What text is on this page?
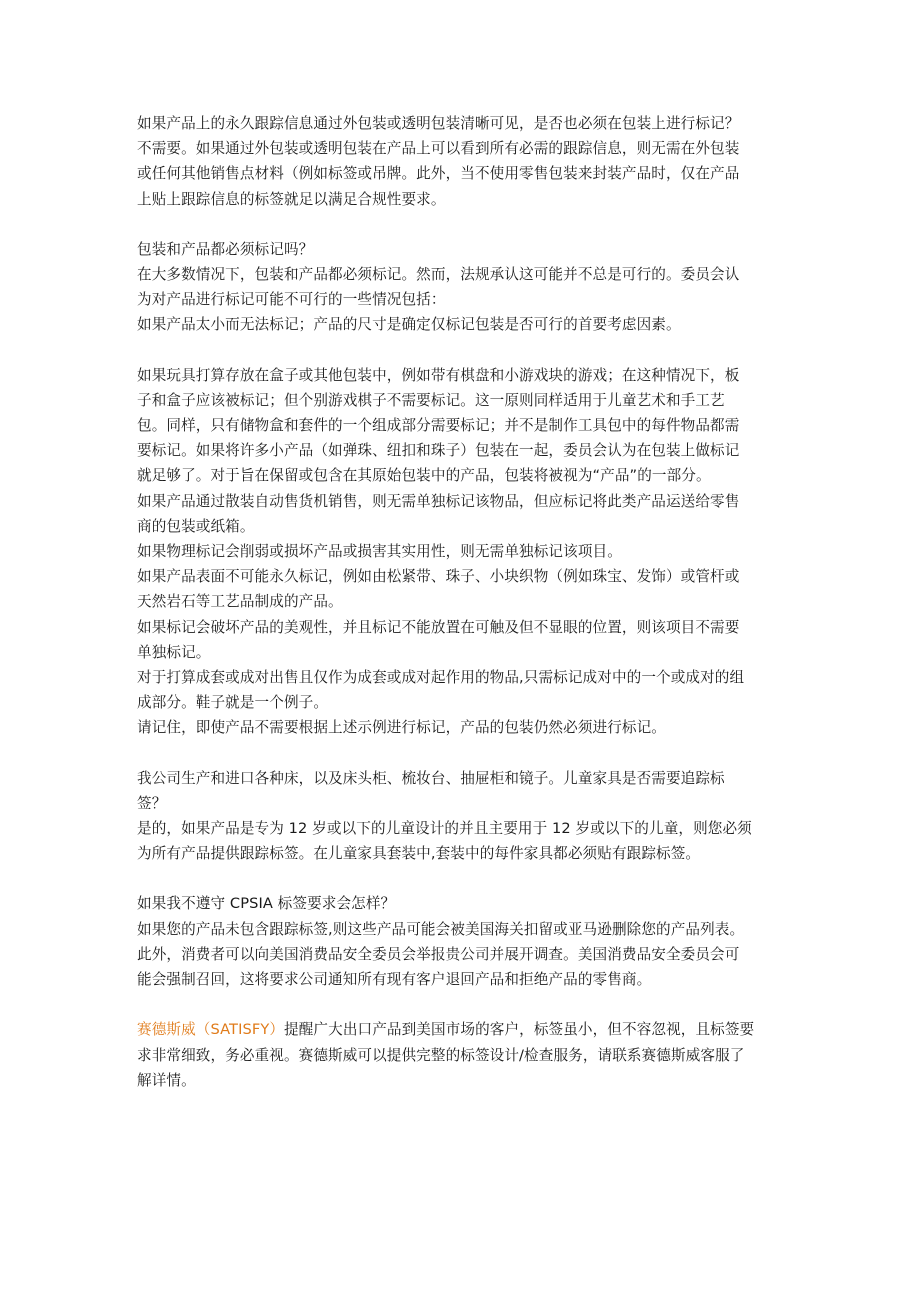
如果产品上的永久跟踪信息通过外包装或透明包装清晰可见，是否也必须在包装上进行标记？
不需要。如果通过外包装或透明包装在产品上可以看到所有必需的跟踪信息，则无需在外包装
或任何其他销售点材料（例如标签或吊牌。此外，当不使用零售包装来封装产品时，仅在产品
上贴上跟踪信息的标签就足以满足合规性要求。
包装和产品都必须标记吗？
在大多数情况下，包装和产品都必须标记。然而，法规承认这可能并不总是可行的。委员会认
为对产品进行标记可能不可行的一些情况包括：
如果产品太小而无法标记；产品的尺寸是确定仅标记包装是否可行的首要考虑因素。
如果玩具打算存放在盒子或其他包装中，例如带有棋盘和小游戏块的游戏；在这种情况下，板
子和盒子应该被标记；但个别游戏棋子不需要标记。这一原则同样适用于儿童艺术和手工艺
包。同样，只有储物盒和套件的一个组成部分需要标记；并不是制作工具包中的每件物品都需
要标记。如果将许多小产品（如弹珠、纽扣和珠子）包装在一起，委员会认为在包装上做标记
就足够了。对于旨在保留或包含在其原始包装中的产品，包装将被视为“产品”的一部分。
如果产品通过散装自动售货机销售，则无需单独标记该物品，但应标记将此类产品运送给零售
商的包装或纸箱。
如果物理标记会削弱或损坏产品或损害其实用性，则无需单独标记该项目。
如果产品表面不可能永久标记，例如由松紧带、珠子、小块织物（例如珠宝、发饰）或管杆或
天然岩石等工艺品制成的产品。
如果标记会破坏产品的美观性，并且标记不能放置在可触及但不显眼的位置，则该项目不需要
单独标记。
对于打算成套或成对出售且仅作为成套或成对起作用的物品,只需标记成对中的一个或成对的组
成部分。鞋子就是一个例子。
请记住，即使产品不需要根据上述示例进行标记，产品的包装仍然必须进行标记。
我公司生产和进口各种床，以及床头柜、梳妆台、抽屉柜和镜子。儿童家具是否需要追踪标
签？
是的，如果产品是专为 12 岁或以下的儿童设计的并且主要用于 12 岁或以下的儿童，则您必须
为所有产品提供跟踪标签。在儿童家具套装中,套装中的每件家具都必须贴有跟踪标签。
如果我不遵守 CPSIA 标签要求会怎样？
如果您的产品未包含跟踪标签,则这些产品可能会被美国海关扣留或亚马逊删除您的产品列表。
此外，消费者可以向美国消费品安全委员会举报贵公司并展开调查。美国消费品安全委员会可
能会强制召回，这将要求公司通知所有现有客户退回产品和拒绝产品的零售商。
赛德斯威（SATISFY）提醒广大出口产品到美国市场的客户，标签虽小，但不容忽视，且标签要
求非常细致，务必重视。赛德斯威可以提供完整的标签设计/检查服务，请联系赛德斯威客服了
解详情。
